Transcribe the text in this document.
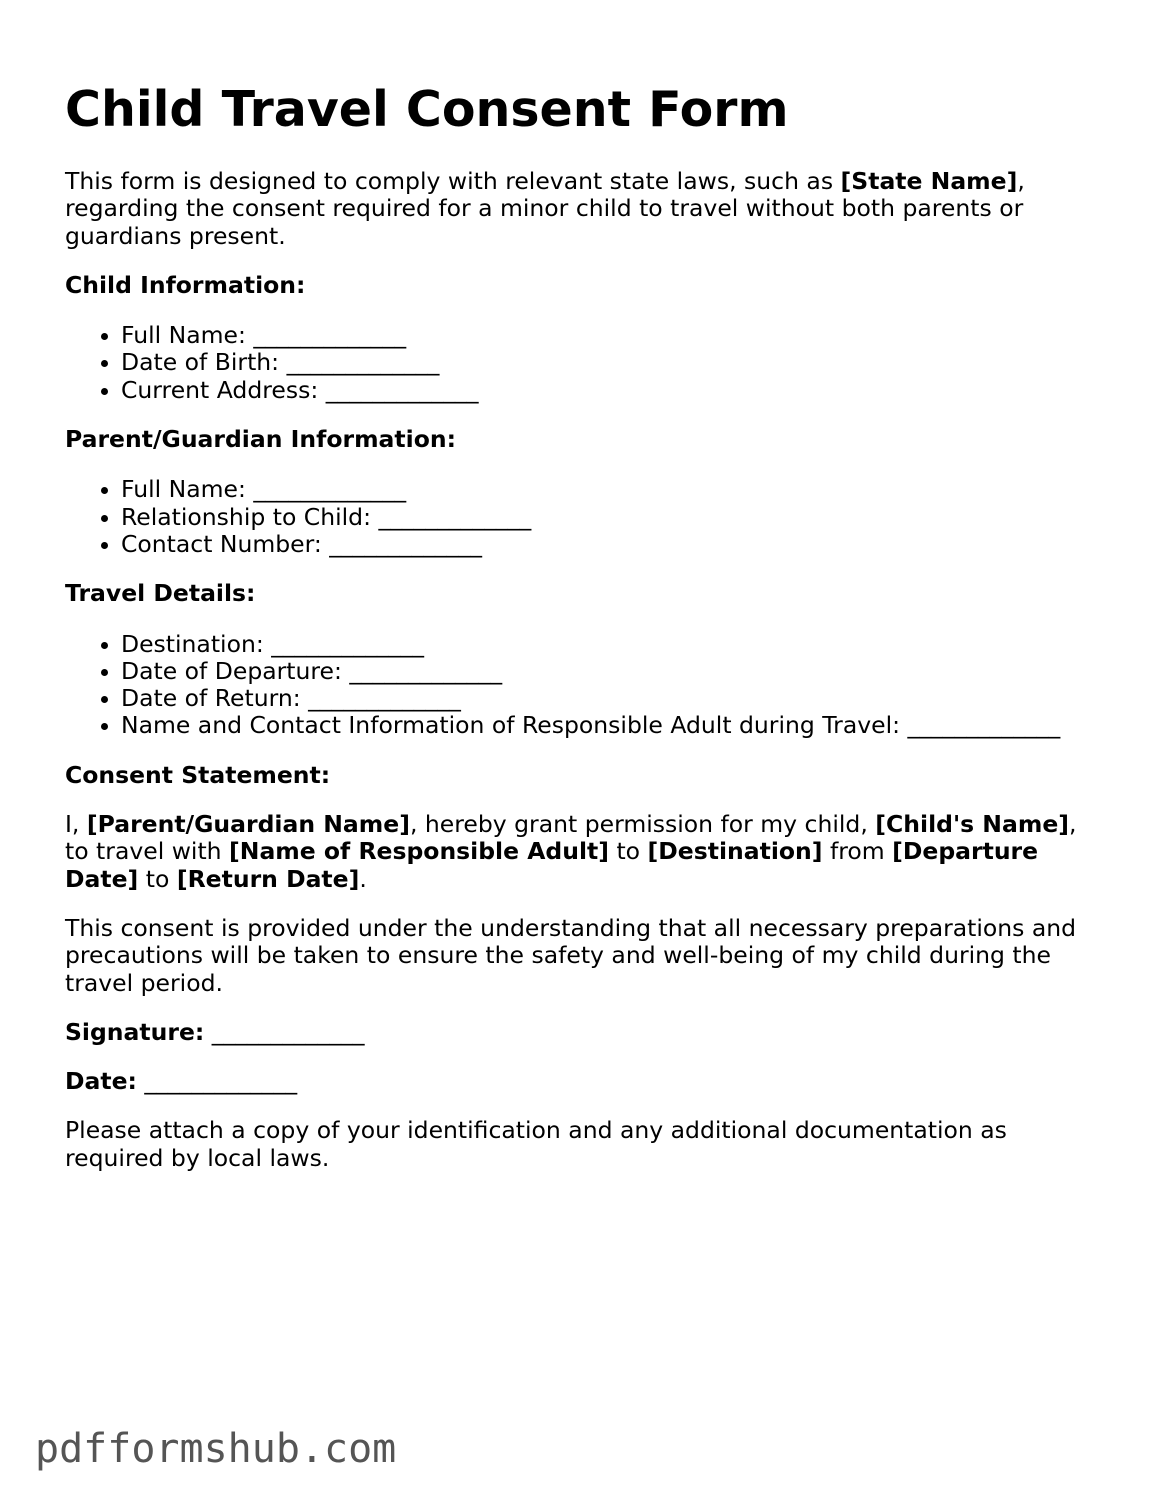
Child Travel Consent Form

This form is designed to comply with relevant state laws, such as [State Name], regarding the consent required for a minor child to travel without both parents or guardians present.

Child Information:

Full Name: _____________
Date of Birth: _____________
Current Address: _____________

Parent/Guardian Information:

Full Name: _____________
Relationship to Child: _____________
Contact Number: _____________

Travel Details:

Destination: _____________
Date of Departure: _____________
Date of Return: _____________
Name and Contact Information of Responsible Adult during Travel: _____________

Consent Statement:

I, [Parent/Guardian Name], hereby grant permission for my child, [Child's Name], to travel with [Name of Responsible Adult] to [Destination] from [Departure Date] to [Return Date].

This consent is provided under the understanding that all necessary preparations and precautions will be taken to ensure the safety and well-being of my child during the travel period.

Signature: _____________

Date: _____________

Please attach a copy of your identification and any additional documentation as required by local laws.

pdfformshub.com
